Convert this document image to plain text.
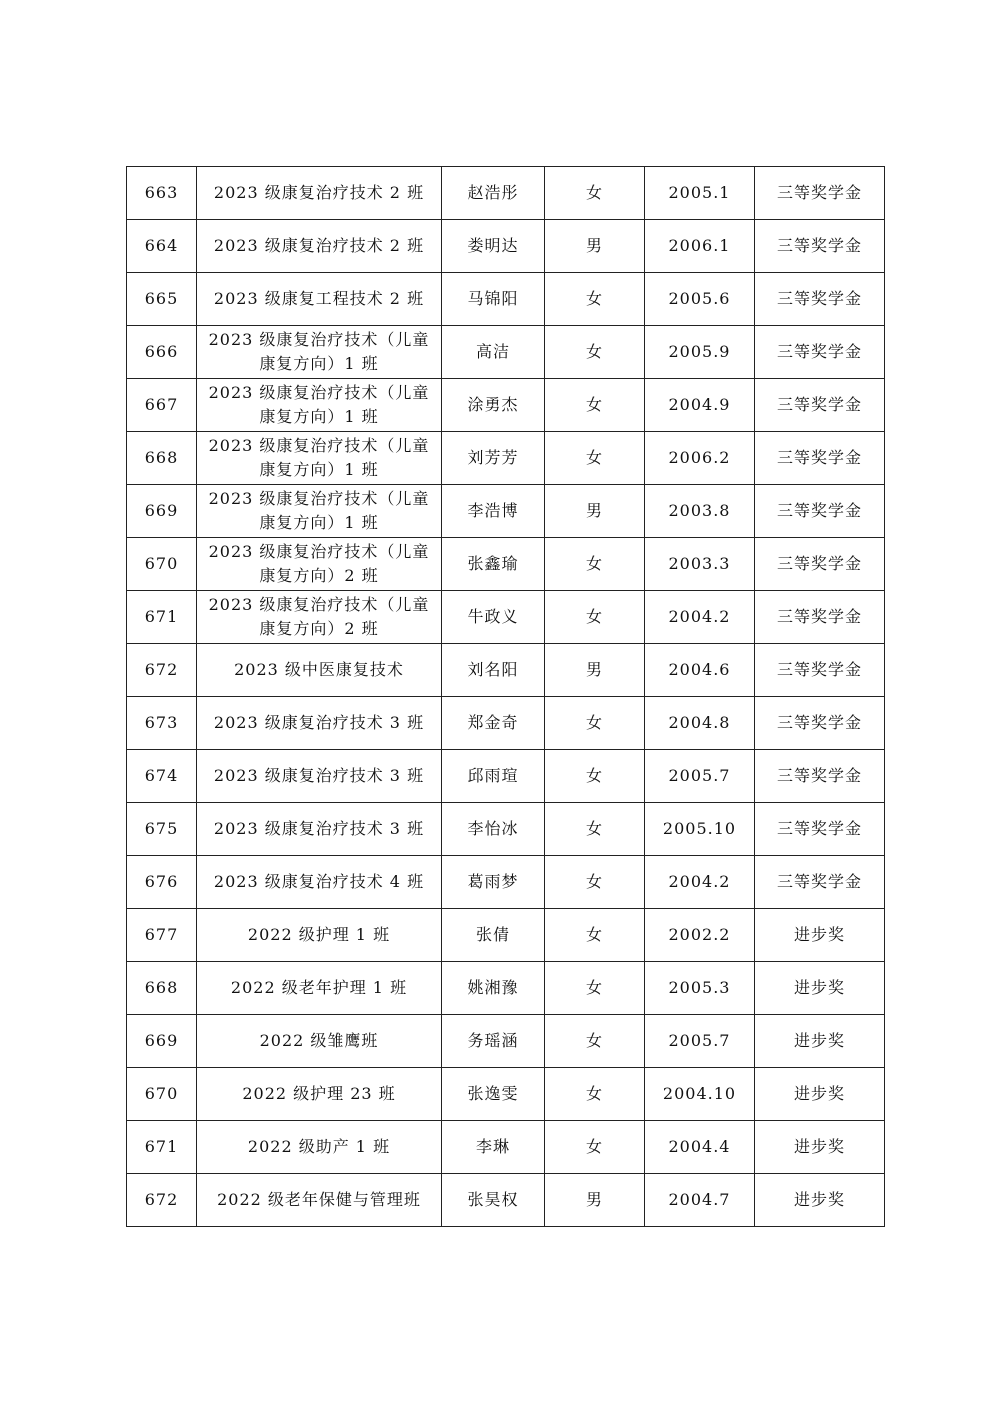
663	2023 级康复治疗技术 2 班	赵浩彤	女	2005.1	三等奖学金
664	2023 级康复治疗技术 2 班	娄明达	男	2006.1	三等奖学金
665	2023 级康复工程技术 2 班	马锦阳	女	2005.6	三等奖学金
666	2023 级康复治疗技术（儿童康复方向）1 班	高洁	女	2005.9	三等奖学金
667	2023 级康复治疗技术（儿童康复方向）1 班	涂勇杰	女	2004.9	三等奖学金
668	2023 级康复治疗技术（儿童康复方向）1 班	刘芳芳	女	2006.2	三等奖学金
669	2023 级康复治疗技术（儿童康复方向）1 班	李浩博	男	2003.8	三等奖学金
670	2023 级康复治疗技术（儿童康复方向）2 班	张鑫瑜	女	2003.3	三等奖学金
671	2023 级康复治疗技术（儿童康复方向）2 班	牛政义	女	2004.2	三等奖学金
672	2023 级中医康复技术	刘名阳	男	2004.6	三等奖学金
673	2023 级康复治疗技术 3 班	郑金奇	女	2004.8	三等奖学金
674	2023 级康复治疗技术 3 班	邱雨瑄	女	2005.7	三等奖学金
675	2023 级康复治疗技术 3 班	李怡冰	女	2005.10	三等奖学金
676	2023 级康复治疗技术 4 班	葛雨梦	女	2004.2	三等奖学金
677	2022 级护理 1 班	张倩	女	2002.2	进步奖
668	2022 级老年护理 1 班	姚湘豫	女	2005.3	进步奖
669	2022 级雏鹰班	务瑶涵	女	2005.7	进步奖
670	2022 级护理 23 班	张逸雯	女	2004.10	进步奖
671	2022 级助产 1 班	李琳	女	2004.4	进步奖
672	2022 级老年保健与管理班	张昊权	男	2004.7	进步奖
